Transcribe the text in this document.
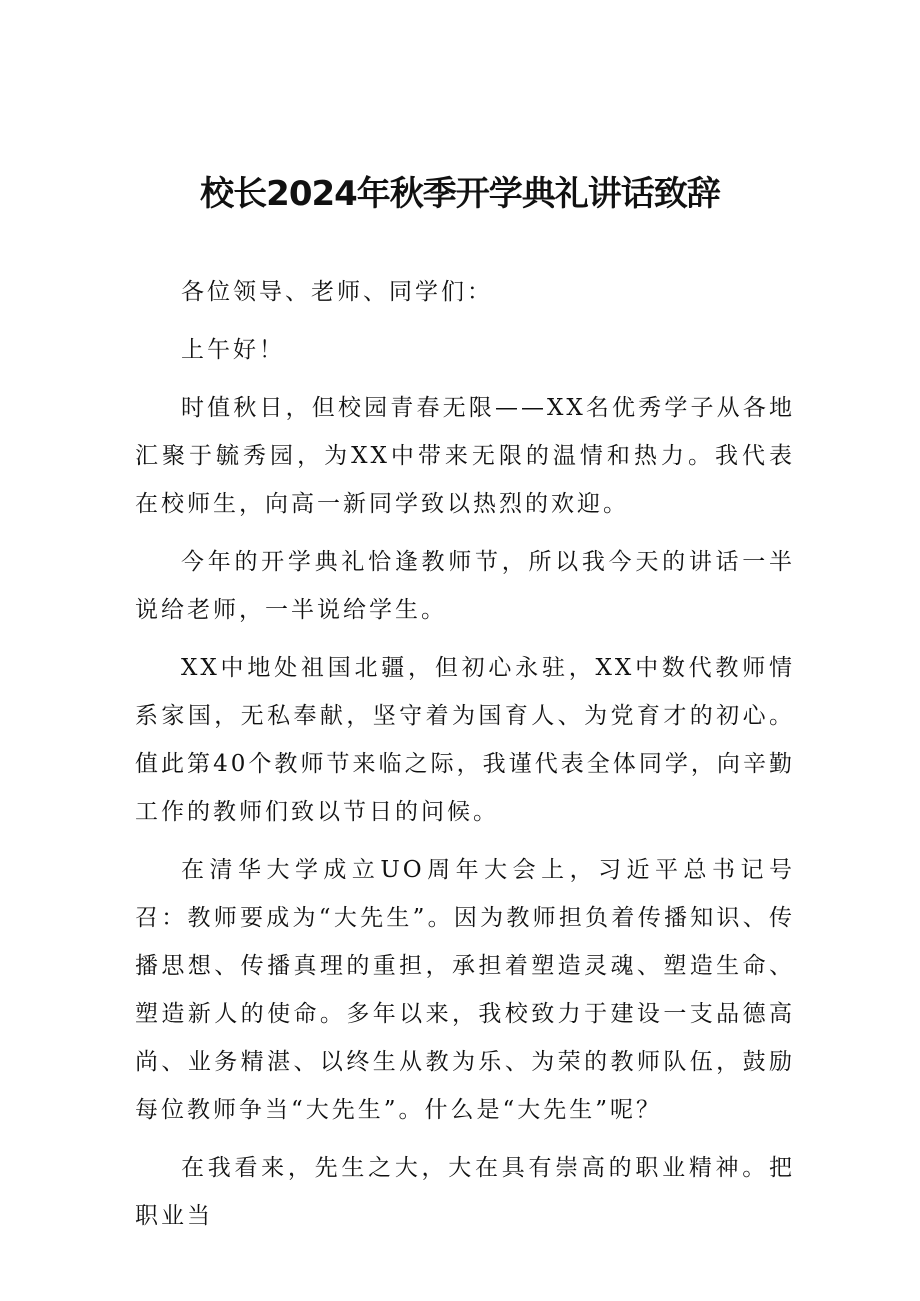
校长2024年秋季开学典礼讲话致辞

各位领导、老师、同学们：

上午好！

时值秋日，但校园青春无限——XX名优秀学子从各地汇聚于毓秀园，为XX中带来无限的温情和热力。我代表在校师生，向高一新同学致以热烈的欢迎。

今年的开学典礼恰逢教师节，所以我今天的讲话一半说给老师，一半说给学生。

XX中地处祖国北疆，但初心永驻，XX中数代教师情系家国，无私奉献，坚守着为国育人、为党育才的初心。值此第40个教师节来临之际，我谨代表全体同学，向辛勤工作的教师们致以节日的问候。

在清华大学成立UO周年大会上，习近平总书记号召：教师要成为“大先生”。因为教师担负着传播知识、传播思想、传播真理的重担，承担着塑造灵魂、塑造生命、塑造新人的使命。多年以来，我校致力于建设一支品德高尚、业务精湛、以终生从教为乐、为荣的教师队伍，鼓励每位教师争当“大先生”。什么是“大先生”呢？

在我看来，先生之大，大在具有崇高的职业精神。把职业当
